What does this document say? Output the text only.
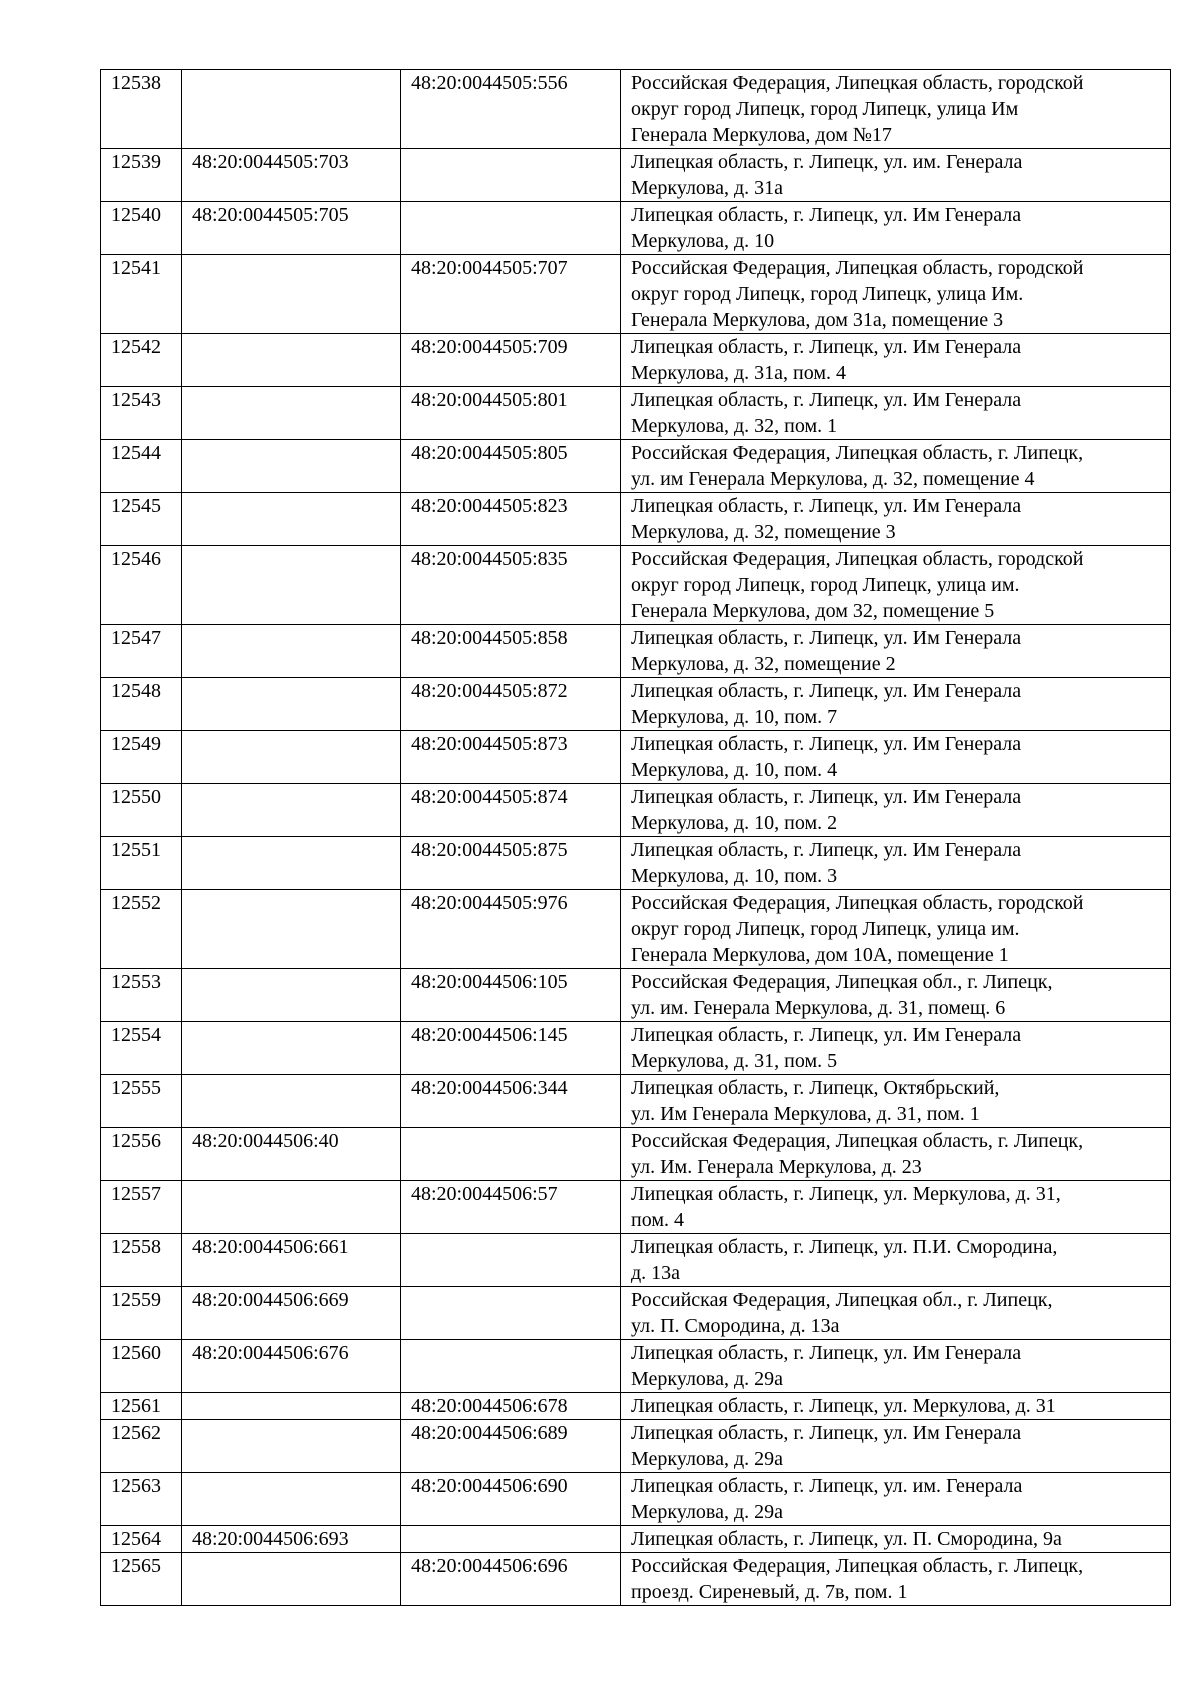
12538		48:20:0044505:556	Российская Федерация, Липецкая область, городской
округ город Липецк, город Липецк, улица Им
Генерала Меркулова, дом №17
12539	48:20:0044505:703		Липецкая область, г. Липецк, ул. им. Генерала
Меркулова, д. 31а
12540	48:20:0044505:705		Липецкая область, г. Липецк, ул. Им Генерала
Меркулова, д. 10
12541		48:20:0044505:707	Российская Федерация, Липецкая область, городской
округ город Липецк, город Липецк, улица Им.
Генерала Меркулова, дом 31а, помещение 3
12542		48:20:0044505:709	Липецкая область, г. Липецк, ул. Им Генерала
Меркулова, д. 31а, пом. 4
12543		48:20:0044505:801	Липецкая область, г. Липецк, ул. Им Генерала
Меркулова, д. 32, пом. 1
12544		48:20:0044505:805	Российская Федерация, Липецкая область, г. Липецк,
ул. им Генерала Меркулова, д. 32, помещение 4
12545		48:20:0044505:823	Липецкая область, г. Липецк, ул. Им Генерала
Меркулова, д. 32, помещение 3
12546		48:20:0044505:835	Российская Федерация, Липецкая область, городской
округ город Липецк, город Липецк, улица им.
Генерала Меркулова, дом 32, помещение 5
12547		48:20:0044505:858	Липецкая область, г. Липецк, ул. Им Генерала
Меркулова, д. 32, помещение 2
12548		48:20:0044505:872	Липецкая область, г. Липецк, ул. Им Генерала
Меркулова, д. 10, пом. 7
12549		48:20:0044505:873	Липецкая область, г. Липецк, ул. Им Генерала
Меркулова, д. 10, пом. 4
12550		48:20:0044505:874	Липецкая область, г. Липецк, ул. Им Генерала
Меркулова, д. 10, пом. 2
12551		48:20:0044505:875	Липецкая область, г. Липецк, ул. Им Генерала
Меркулова, д. 10, пом. 3
12552		48:20:0044505:976	Российская Федерация, Липецкая область, городской
округ город Липецк, город Липецк, улица им.
Генерала Меркулова, дом 10А, помещение 1
12553		48:20:0044506:105	Российская Федерация, Липецкая обл., г. Липецк,
ул. им. Генерала Меркулова, д. 31, помещ. 6
12554		48:20:0044506:145	Липецкая область, г. Липецк, ул. Им Генерала
Меркулова, д. 31, пом. 5
12555		48:20:0044506:344	Липецкая область, г. Липецк, Октябрьский,
ул. Им Генерала Меркулова, д. 31, пом. 1
12556	48:20:0044506:40		Российская Федерация, Липецкая область, г. Липецк,
ул. Им. Генерала Меркулова, д. 23
12557		48:20:0044506:57	Липецкая область, г. Липецк, ул. Меркулова, д. 31,
пом. 4
12558	48:20:0044506:661		Липецкая область, г. Липецк, ул. П.И. Смородина,
д. 13а
12559	48:20:0044506:669		Российская Федерация, Липецкая обл., г. Липецк,
ул. П. Смородина, д. 13а
12560	48:20:0044506:676		Липецкая область, г. Липецк, ул. Им Генерала
Меркулова, д. 29а
12561		48:20:0044506:678	Липецкая область, г. Липецк, ул. Меркулова, д. 31
12562		48:20:0044506:689	Липецкая область, г. Липецк, ул. Им Генерала
Меркулова, д. 29а
12563		48:20:0044506:690	Липецкая область, г. Липецк, ул. им. Генерала
Меркулова, д. 29а
12564	48:20:0044506:693		Липецкая область, г. Липецк, ул. П. Смородина, 9а
12565		48:20:0044506:696	Российская Федерация, Липецкая область, г. Липецк,
проезд. Сиреневый, д. 7в, пом. 1
